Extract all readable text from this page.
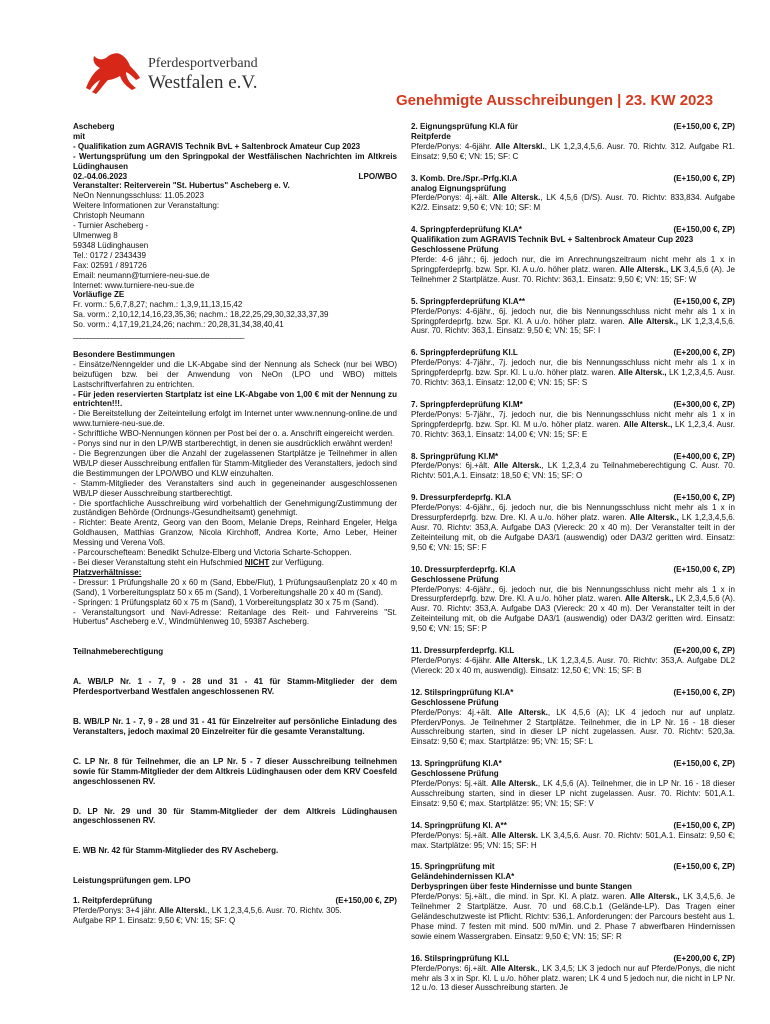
Pferdesportverband
Westfalen e.V.
Genehmigte Ausschreibungen | 23. KW 2023
Ascheberg
mit
- Qualifikation zum AGRAVIS Technik BvL + Saltenbrock Amateur Cup 2023
- Wertungsprüfung um den Springpokal der Westfälischen Nachrichten im Altkreis Lüdinghausen
02.-04.06.2023	LPO/WBO
Veranstalter: Reiterverein "St. Hubertus" Ascheberg e. V.
NeOn Nennungsschluss: 11.05.2023
Weitere Informationen zur Veranstaltung:
Christoph Neumann
- Turnier Ascheberg -
Ulmenweg 8
59348 Lüdinghausen
Tel.: 0172 / 2343439
Fax: 02591 / 891726
Email: neumann@turniere-neu-sue.de
Internet: www.turniere-neu-sue.de
Vorläufige ZE
Fr. vorm.: 5,6,7,8,27; nachm.: 1,3,9,11,13,15,42
Sa. vorm.: 2,10,12,14,16,23,35,36; nachm.: 18,22,25,29,30,32,33,37,39
So. vorm.: 4,17,19,21,24,26; nachm.: 20,28,31,34,38,40,41
_________________________________________________
Besondere Bestimmungen
- Einsätze/Nenngelder und die LK-Abgabe sind der Nennung als Scheck (nur bei WBO) beizufügen bzw. bei der Anwendung von NeOn (LPO und WBO) mittels Lastschriftverfahren zu entrichten.
- Für jeden reservierten Startplatz ist eine LK-Abgabe von 1,00 € mit der Nennung zu entrichten!!!.
- Die Bereitstellung der Zeiteinteilung erfolgt im Internet unter www.nennung-online.de und www.turniere-neu-sue.de.
- Schriftliche WBO-Nennungen können per Post bei der o. a. Anschrift eingereicht werden.
- Ponys sind nur in den LP/WB startberechtigt, in denen sie ausdrücklich erwähnt werden!
- Die Begrenzungen über die Anzahl der zugelassenen Startplätze je Teilnehmer in allen WB/LP dieser Ausschreibung entfallen für Stamm-Mitglieder des Veranstalters, jedoch sind die Bestimmungen der LPO/WBO und KLW einzuhalten.
- Stamm-Mitglieder des Veranstalters sind auch in gegeneinander ausgeschlossenen WB/LP dieser Ausschreibung startberechtigt.
- Die sportfachliche Ausschreibung wird vorbehaltlich der Genehmigung/Zustimmung der zuständigen Behörde (Ordnungs-/Gesundheitsamt) genehmigt.
- Richter: Beate Arentz, Georg van den Boom, Melanie Dreps, Reinhard Engeler, Helga Goldhausen, Matthias Granzow, Nicola Kirchhoff, Andrea Korte, Arno Leber, Heiner Messing und Verena Voß.
- Parcourschefteam: Benedikt Schulze-Elberg und Victoria Scharte-Schoppen.
- Bei dieser Veranstaltung steht ein Hufschmied NICHT zur Verfügung.
Platzverhältnisse:
- Dressur: 1 Prüfungshalle 20 x 60 m (Sand, Ebbe/Flut), 1 Prüfungsaußenplatz 20 x 40 m (Sand), 1 Vorbereitungsplatz 50 x 65 m (Sand), 1 Vorbereitungshalle 20 x 40 m (Sand).
- Springen: 1 Prüfungsplatz 60 x 75 m (Sand), 1 Vorbereitungsplatz 30 x 75 m (Sand).
- Veranstaltungsort und Navi-Adresse: Reitanlage des Reit- und Fahrvereins "St. Hubertus" Ascheberg e.V., Windmühlenweg 10, 59387 Ascheberg.
Teilnahmeberechtigung
A. WB/LP Nr. 1 - 7, 9 - 28 und 31 - 41 für Stamm-Mitglieder der dem Pferdesportverband Westfalen angeschlossenen RV.
B. WB/LP Nr. 1 - 7, 9 - 28 und 31 - 41 für Einzelreiter auf persönliche Einladung des Veranstalters, jedoch maximal 20 Einzelreiter für die gesamte Veranstaltung.
C. LP Nr. 8 für Teilnehmer, die an LP Nr. 5 - 7 dieser Ausschreibung teilnehmen sowie für Stamm-Mitglieder der dem Altkreis Lüdinghausen oder dem KRV Coesfeld angeschlossenen RV.
D. LP Nr. 29 und 30 für Stamm-Mitglieder der dem Altkreis Lüdinghausen angeschlossenen RV.
E. WB Nr. 42 für Stamm-Mitglieder des RV Ascheberg.
Leistungsprüfungen gem. LPO
1. Reitpferdeprüfung	(E+150,00 €, ZP)
Pferde/Ponys: 3+4 jähr. Alle Alterskl., LK 1,2,3,4,5,6. Ausr. 70. Richtv. 305.
Aufgabe RP 1. Einsatz: 9,50 €; VN: 15; SF: Q
2. Eignungsprüfung Kl.A für	(E+150,00 €, ZP)
Reitpferde
Pferde/Ponys: 4-6jähr. Alle Alterskl., LK 1,2,3,4,5,6. Ausr. 70. Richtv. 312. Aufgabe R1. Einsatz: 9,50 €; VN: 15; SF: C
3. Komb. Dre./Spr.-Prfg.Kl.A	(E+150,00 €, ZP)
analog Eignungsprüfung
Pferde/Ponys: 4j.+ält. Alle Altersk., LK 4,5,6 (D/S). Ausr. 70. Richtv: 833,834. Aufgabe K2/2. Einsatz: 9,50 €; VN: 10; SF: M
4. Springpferdeprüfung Kl.A*	(E+150,00 €, ZP)
Qualifikation zum AGRAVIS Technik BvL + Saltenbrock Amateur Cup 2023
Geschlossene Prüfung
Pferde: 4-6 jähr.; 6j. jedoch nur, die im Anrechnungszeitraum nicht mehr als 1 x in Springpferdeprfg. bzw. Spr. Kl. A u./o. höher platz. waren. Alle Altersk., LK 3,4,5,6 (A). Je Teilnehmer 2 Startplätze. Ausr. 70. Richtv: 363,1. Einsatz: 9,50 €; VN: 15; SF: W
5. Springpferdeprüfung Kl.A**	(E+150,00 €, ZP)
Pferde/Ponys: 4-6jähr., 6j. jedoch nur, die bis Nennungsschluss nicht mehr als 1 x in Springpferdeprfg. bzw. Spr. Kl. A u./o. höher platz. waren. Alle Altersk., LK 1,2,3,4,5,6. Ausr. 70. Richtv: 363,1. Einsatz: 9,50 €; VN: 15; SF: I
6. Springpferdeprüfung Kl.L	(E+200,00 €, ZP)
Pferde/Ponys: 4-7jähr., 7j. jedoch nur, die bis Nennungsschluss nicht mehr als 1 x in Springpferdeprfg. bzw. Spr. Kl. L u./o. höher platz. waren. Alle Altersk., LK 1,2,3,4,5. Ausr. 70. Richtv: 363,1. Einsatz: 12,00 €; VN: 15; SF: S
7. Springpferdeprüfung Kl.M*	(E+300,00 €, ZP)
Pferde/Ponys: 5-7jähr., 7j. jedoch nur, die bis Nennungsschluss nicht mehr als 1 x in Springpferdeprfg. bzw. Spr. Kl. M u./o. höher platz. waren. Alle Altersk., LK 1,2,3,4. Ausr. 70. Richtv: 363,1. Einsatz: 14,00 €; VN: 15; SF: E
8. Springprüfung Kl.M*	(E+400,00 €, ZP)
Pferde/Ponys: 6j.+ält. Alle Altersk., LK 1,2,3,4 zu Teilnahmeberechtigung C. Ausr. 70. Richtv: 501,A.1. Einsatz: 18,50 €; VN: 15; SF: O
9. Dressurpferdeprfg. Kl.A	(E+150,00 €, ZP)
Pferde/Ponys: 4-6jähr., 6j. jedoch nur, die bis Nennungsschluss nicht mehr als 1 x in Dressurpferdeprfg. bzw. Dre. Kl. A u./o. höher platz. waren. Alle Altersk., LK 1,2,3,4,5,6. Ausr. 70. Richtv: 353,A. Aufgabe DA3 (Viereck: 20 x 40 m). Der Veranstalter teilt in der Zeiteinteilung mit, ob die Aufgabe DA3/1 (auswendig) oder DA3/2 geritten wird. Einsatz: 9,50 €; VN: 15; SF: F
10. Dressurpferdeprfg. Kl.A	(E+150,00 €, ZP)
Geschlossene Prüfung
Pferde/Ponys: 4-6jähr., 6j. jedoch nur, die bis Nennungsschluss nicht mehr als 1 x in Dressurpferdeprfg. bzw. Dre. Kl. A u./o. höher platz. waren. Alle Altersk., LK 2,3,4,5,6 (A). Ausr. 70. Richtv: 353,A. Aufgabe DA3 (Viereck: 20 x 40 m). Der Veranstalter teilt in der Zeiteinteilung mit, ob die Aufgabe DA3/1 (auswendig) oder DA3/2 geritten wird. Einsatz: 9,50 €; VN: 15; SF: P
11. Dressurpferdeprfg. Kl.L	(E+200,00 €, ZP)
Pferde/Ponys: 4-6jähr. Alle Altersk., LK 1,2,3,4,5. Ausr. 70. Richtv: 353,A. Aufgabe DL2 (Viereck: 20 x 40 m, auswendig). Einsatz: 12,50 €; VN: 15; SF: B
12. Stilspringprüfung Kl.A*	(E+150,00 €, ZP)
Geschlossene Prüfung
Pferde/Ponys: 4j.+ält. Alle Altersk., LK 4,5,6 (A); LK 4 jedoch nur auf unplatz. Pferden/Ponys. Je Teilnehmer 2 Startplätze. Teilnehmer, die in LP Nr. 16 - 18 dieser Ausschreibung starten, sind in dieser LP nicht zugelassen. Ausr. 70. Richtv: 520,3a. Einsatz: 9,50 €; max. Startplätze: 95; VN: 15; SF: L
13. Springprüfung Kl.A*	(E+150,00 €, ZP)
Geschlossene Prüfung
Pferde/Ponys: 5j.+ält. Alle Altersk., LK 4,5,6 (A). Teilnehmer, die in LP Nr. 16 - 18 dieser Ausschreibung starten, sind in dieser LP nicht zugelassen. Ausr. 70. Richtv: 501,A.1. Einsatz: 9,50 €; max. Startplätze: 95; VN: 15; SF: V
14. Springprüfung Kl. A**	(E+150,00 €, ZP)
Pferde/Ponys: 5j.+ält. Alle Altersk. LK 3,4,5,6. Ausr. 70. Richtv: 501,A.1. Einsatz: 9,50 €; max. Startplätze: 95; VN: 15; SF: H
15. Springprüfung mit	(E+150,00 €, ZP)
Geländehindernissen Kl.A*
Derbyspringen über feste Hindernisse und bunte Stangen
Pferde/Ponys: 5j.+ält., die mind. in Spr. Kl. A platz. waren. Alle Altersk., LK 3,4,5,6. Je Teilnehmer 2 Startplätze. Ausr. 70 und 68.C.b.1 (Gelände-LP). Das Tragen einer Geländeschutzweste ist Pflicht. Richtv: 536,1. Anforderungen: der Parcours besteht aus 1. Phase mind. 7 festen mit mind. 500 m/Min. und 2. Phase 7 abwerfbaren Hindernissen sowie einem Wassergraben. Einsatz: 9,50 €; VN: 15; SF: R
16. Stilspringprüfung Kl.L	(E+200,00 €, ZP)
Pferde/Ponys: 6j.+ält. Alle Altersk., LK 3,4,5; LK 3 jedoch nur auf Pferde/Ponys, die nicht mehr als 3 x in Spr. Kl. L u./o. höher platz. waren; LK 4 und 5 jedoch nur, die nicht in LP Nr. 12 u./o. 13 dieser Ausschreibung starten. Je
